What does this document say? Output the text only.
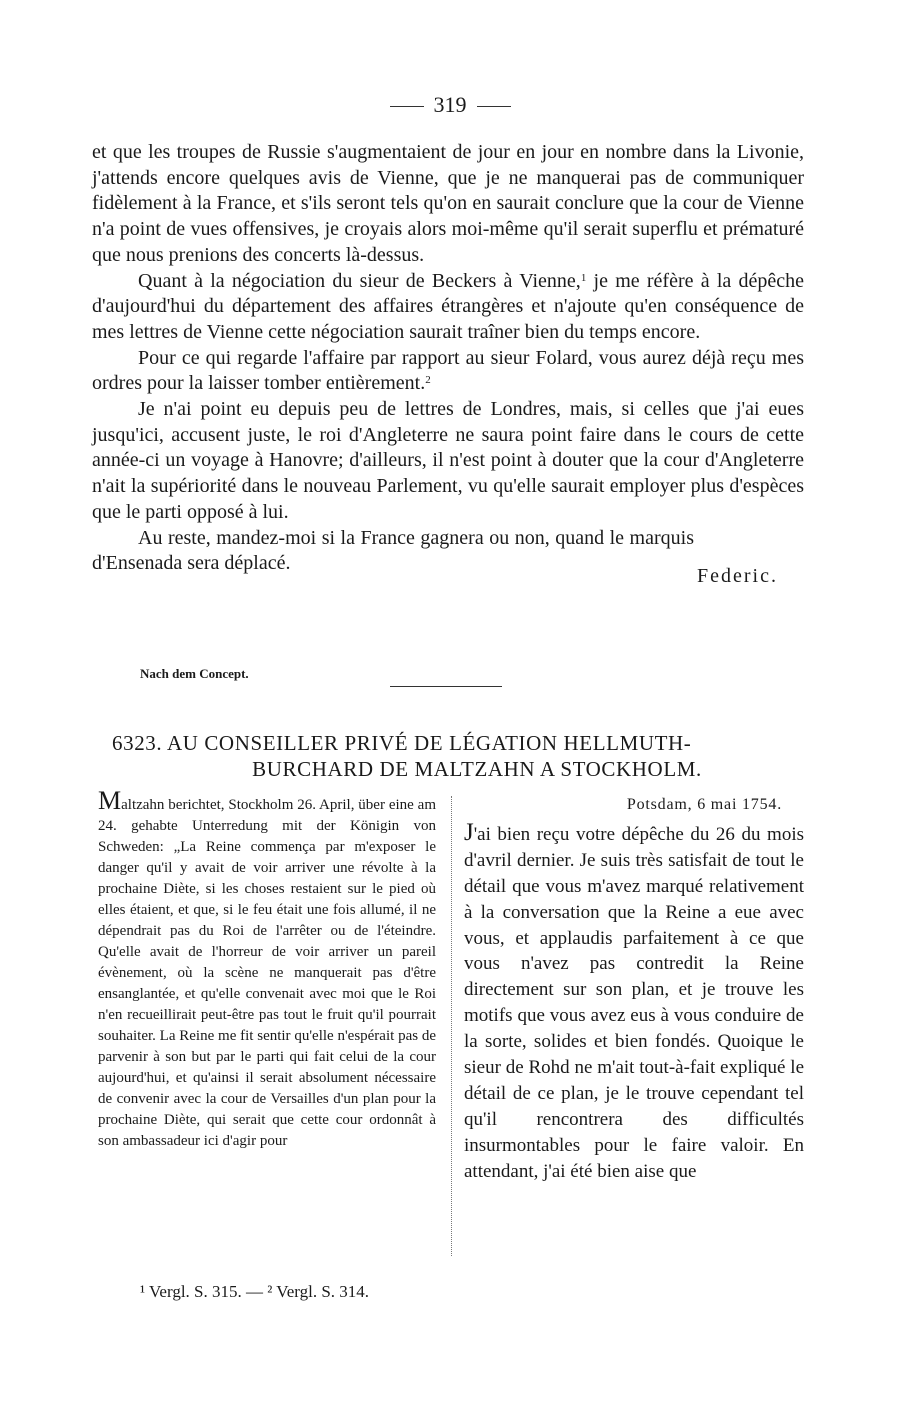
319

et que les troupes de Russie s'augmentaient de jour en jour en nombre dans la Livonie, j'attends encore quelques avis de Vienne, que je ne manquerai pas de communiquer fidèlement à la France, et s'ils seront tels qu'on en saurait conclure que la cour de Vienne n'a point de vues offensives, je croyais alors moi-même qu'il serait superflu et prématuré que nous prenions des concerts là-dessus.

Quant à la négociation du sieur de Beckers à Vienne,$^1$ je me réfère à la dépêche d'aujourd'hui du département des affaires étrangères et n'ajoute qu'en conséquence de mes lettres de Vienne cette négociation saurait traîner bien du temps encore.

Pour ce qui regarde l'affaire par rapport au sieur Folard, vous aurez déjà reçu mes ordres pour la laisser tomber entièrement.$^2$

Je n'ai point eu depuis peu de lettres de Londres, mais, si celles que j'ai eues jusqu'ici, accusent juste, le roi d'Angleterre ne saura point faire dans le cours de cette année-ci un voyage à Hanovre; d'ailleurs, il n'est point à douter que la cour d'Angleterre n'ait la supériorité dans le nouveau Parlement, vu qu'elle saurait employer plus d'espèces que le parti opposé à lui.

Au reste, mandez-moi si la France gagnera ou non, quand le marquis d'Ensenada sera déplacé.

Federic.
Nach dem Concept.
6323. AU CONSEILLER PRIVÉ DE LÉGATION HELLMUTH-
BURCHARD DE MALTZAHN A STOCKHOLM.
Maltzahn berichtet, Stockholm 26. April, über eine am 24. gehabte Unterredung mit der Königin von Schweden: „La Reine commença par m'exposer le danger qu'il y avait de voir arriver une révolte à la prochaine Diète, si les choses restaient sur le pied où elles étaient, et que, si le feu était une fois allumé, il ne dépendrait pas du Roi de l'arrêter ou de l'éteindre. Qu'elle avait de l'horreur de voir arriver un pareil évènement, où la scène ne manquerait pas d'être ensanglantée, et qu'elle convenait avec moi que le Roi n'en recueillirait peut-être pas tout le fruit qu'il pourrait souhaiter. La Reine me fit sentir qu'elle n'espérait pas de parvenir à son but par le parti qui fait celui de la cour aujourd'hui, et qu'ainsi il serait absolument nécessaire de convenir avec la cour de Versailles d'un plan pour la prochaine Diète, qui serait que cette cour ordonnât à son ambassadeur ici d'agir pour
Potsdam, 6 mai 1754.
J'ai bien reçu votre dépêche du 26 du mois d'avril dernier. Je suis très satisfait de tout le détail que vous m'avez marqué relativement à la conversation que la Reine a eue avec vous, et applaudis parfaitement à ce que vous n'avez pas contredit la Reine directement sur son plan, et je trouve les motifs que vous avez eus à vous conduire de la sorte, solides et bien fondés. Quoique le sieur de Rohd ne m'ait tout-à-fait expliqué le détail de ce plan, je le trouve cependant tel qu'il rencontrera des difficultés insurmontables pour le faire valoir. En attendant, j'ai été bien aise que
¹ Vergl. S. 315. — ² Vergl. S. 314.
